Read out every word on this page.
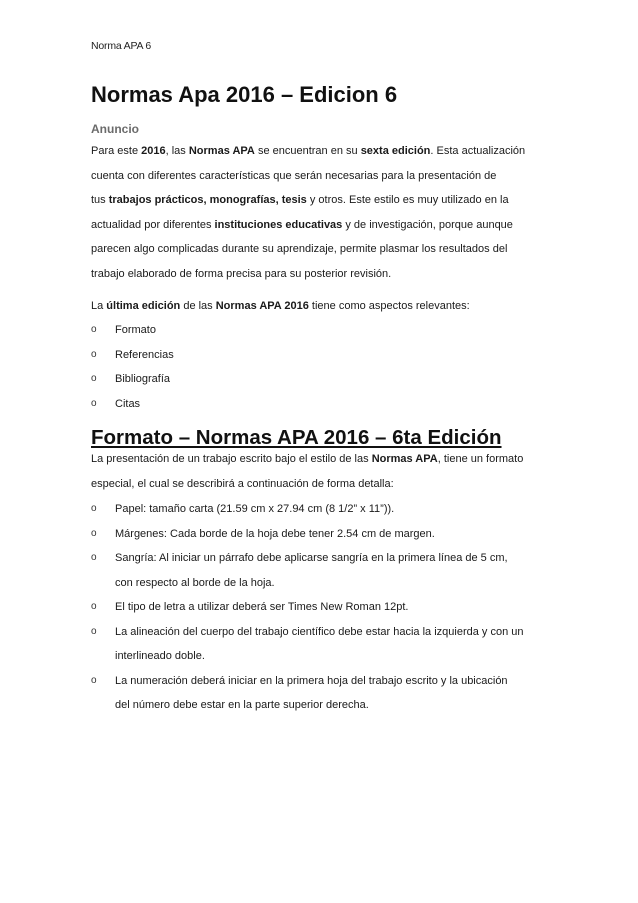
Norma APA 6
Normas Apa 2016 – Edicion 6
Anuncio

Para este 2016, las Normas APA se encuentran en su sexta edición. Esta actualización
cuenta con diferentes características que serán necesarias para la presentación de
tus trabajos prácticos, monografías, tesis y otros. Este estilo es muy utilizado en la
actualidad por diferentes instituciones educativas y de investigación, porque aunque
parecen algo complicadas durante su aprendizaje, permite plasmar los resultados del
trabajo elaborado de forma precisa para su posterior revisión.

La última edición de las Normas APA 2016 tiene como aspectos relevantes:

o Formato
o Referencias
o Bibliografía
o Citas
Formato – Normas APA 2016 – 6ta Edición

La presentación de un trabajo escrito bajo el estilo de las Normas APA, tiene un formato
especial, el cual se describirá a continuación de forma detalla:

o Papel: tamaño carta (21.59 cm x 27.94 cm (8 1/2” x 11”)).
o Márgenes: Cada borde de la hoja debe tener 2.54 cm de margen.
o Sangría: Al iniciar un párrafo debe aplicarse sangría en la primera línea de 5 cm,
con respecto al borde de la hoja.
o El tipo de letra a utilizar deberá ser Times New Roman 12pt.
o La alineación del cuerpo del trabajo científico debe estar hacia la izquierda y con un
interlineado doble.
o La numeración deberá iniciar en la primera hoja del trabajo escrito y la ubicación
del número debe estar en la parte superior derecha.
